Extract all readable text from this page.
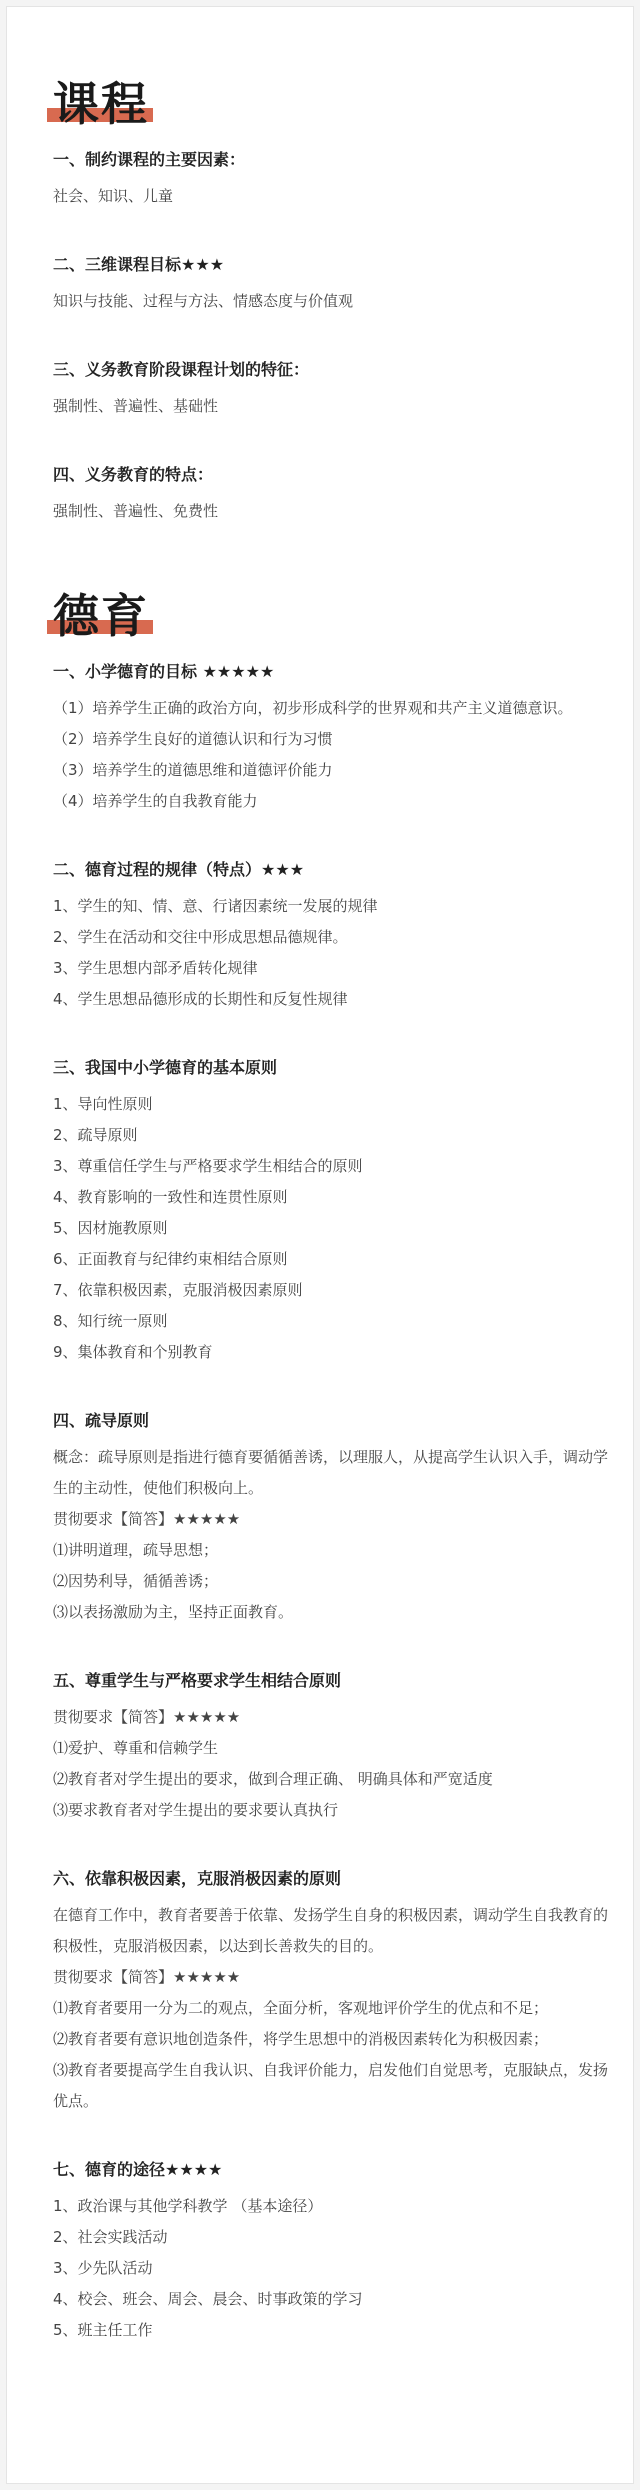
课程
一、制约课程的主要因素：
社会、知识、儿童
二、三维课程目标★★★
知识与技能、过程与方法、情感态度与价值观
三、义务教育阶段课程计划的特征：
强制性、普遍性、基础性
四、义务教育的特点：
强制性、普遍性、免费性
德育
一、小学德育的目标 ★★★★★
（1）培养学生正确的政治方向，初步形成科学的世界观和共产主义道德意识。
（2）培养学生良好的道德认识和行为习惯
（3）培养学生的道德思维和道德评价能力
（4）培养学生的自我教育能力
二、德育过程的规律（特点）★★★
1、学生的知、情、意、行诸因素统一发展的规律
2、学生在活动和交往中形成思想品德规律。
3、学生思想内部矛盾转化规律
4、学生思想品德形成的长期性和反复性规律
三、我国中小学德育的基本原则
1、导向性原则
2、疏导原则
3、尊重信任学生与严格要求学生相结合的原则
4、教育影响的一致性和连贯性原则
5、因材施教原则
6、正面教育与纪律约束相结合原则
7、依靠积极因素，克服消极因素原则
8、知行统一原则
9、集体教育和个别教育
四、疏导原则
概念：疏导原则是指进行德育要循循善诱，以理服人，从提高学生认识入手，调动学生的主动性，使他们积极向上。
贯彻要求【简答】★★★★★
⑴讲明道理，疏导思想；
⑵因势利导，循循善诱；
⑶以表扬激励为主，坚持正面教育。
五、尊重学生与严格要求学生相结合原则
贯彻要求【简答】★★★★★
⑴爱护、尊重和信赖学生
⑵教育者对学生提出的要求，做到合理正确、 明确具体和严宽适度
⑶要求教育者对学生提出的要求要认真执行
六、依靠积极因素，克服消极因素的原则
在德育工作中，教育者要善于依靠、发扬学生自身的积极因素，调动学生自我教育的积极性，克服消极因素，以达到长善救失的目的。
贯彻要求【简答】★★★★★
⑴教育者要用一分为二的观点，全面分析，客观地评价学生的优点和不足；
⑵教育者要有意识地创造条件，将学生思想中的消极因素转化为积极因素；
⑶教育者要提高学生自我认识、自我评价能力，启发他们自觉思考，克服缺点，发扬优点。
七、德育的途径★★★★
1、政治课与其他学科教学 （基本途径）
2、社会实践活动
3、少先队活动
4、校会、班会、周会、晨会、时事政策的学习
5、班主任工作
